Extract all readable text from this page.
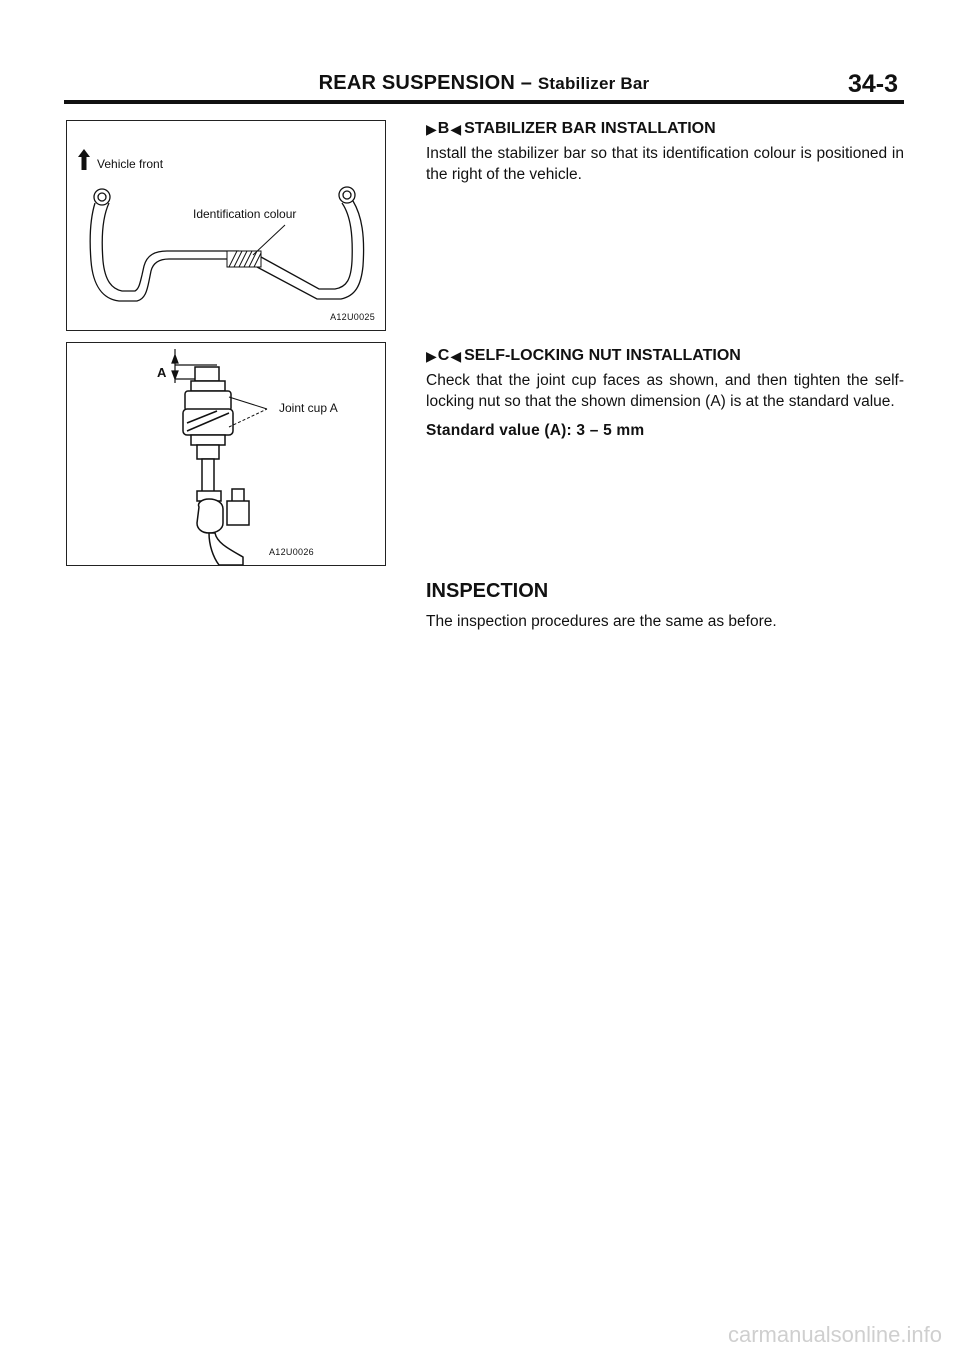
REAR SUSPENSION – Stabilizer Bar	34-3
Vehicle front
Identification colour
A12U0025
A
Joint cup A
A12U0026
▶ B ◀ STABILIZER BAR INSTALLATION
Install the stabilizer bar so that its identification colour is positioned in the right of the vehicle.
▶ C ◀ SELF-LOCKING NUT INSTALLATION
Check that the joint cup faces as shown, and then tighten the self-locking nut so that the shown dimension (A) is at the standard value.
Standard value (A): 3 – 5 mm
INSPECTION
The inspection procedures are the same as before.
carmanualsonline.info
